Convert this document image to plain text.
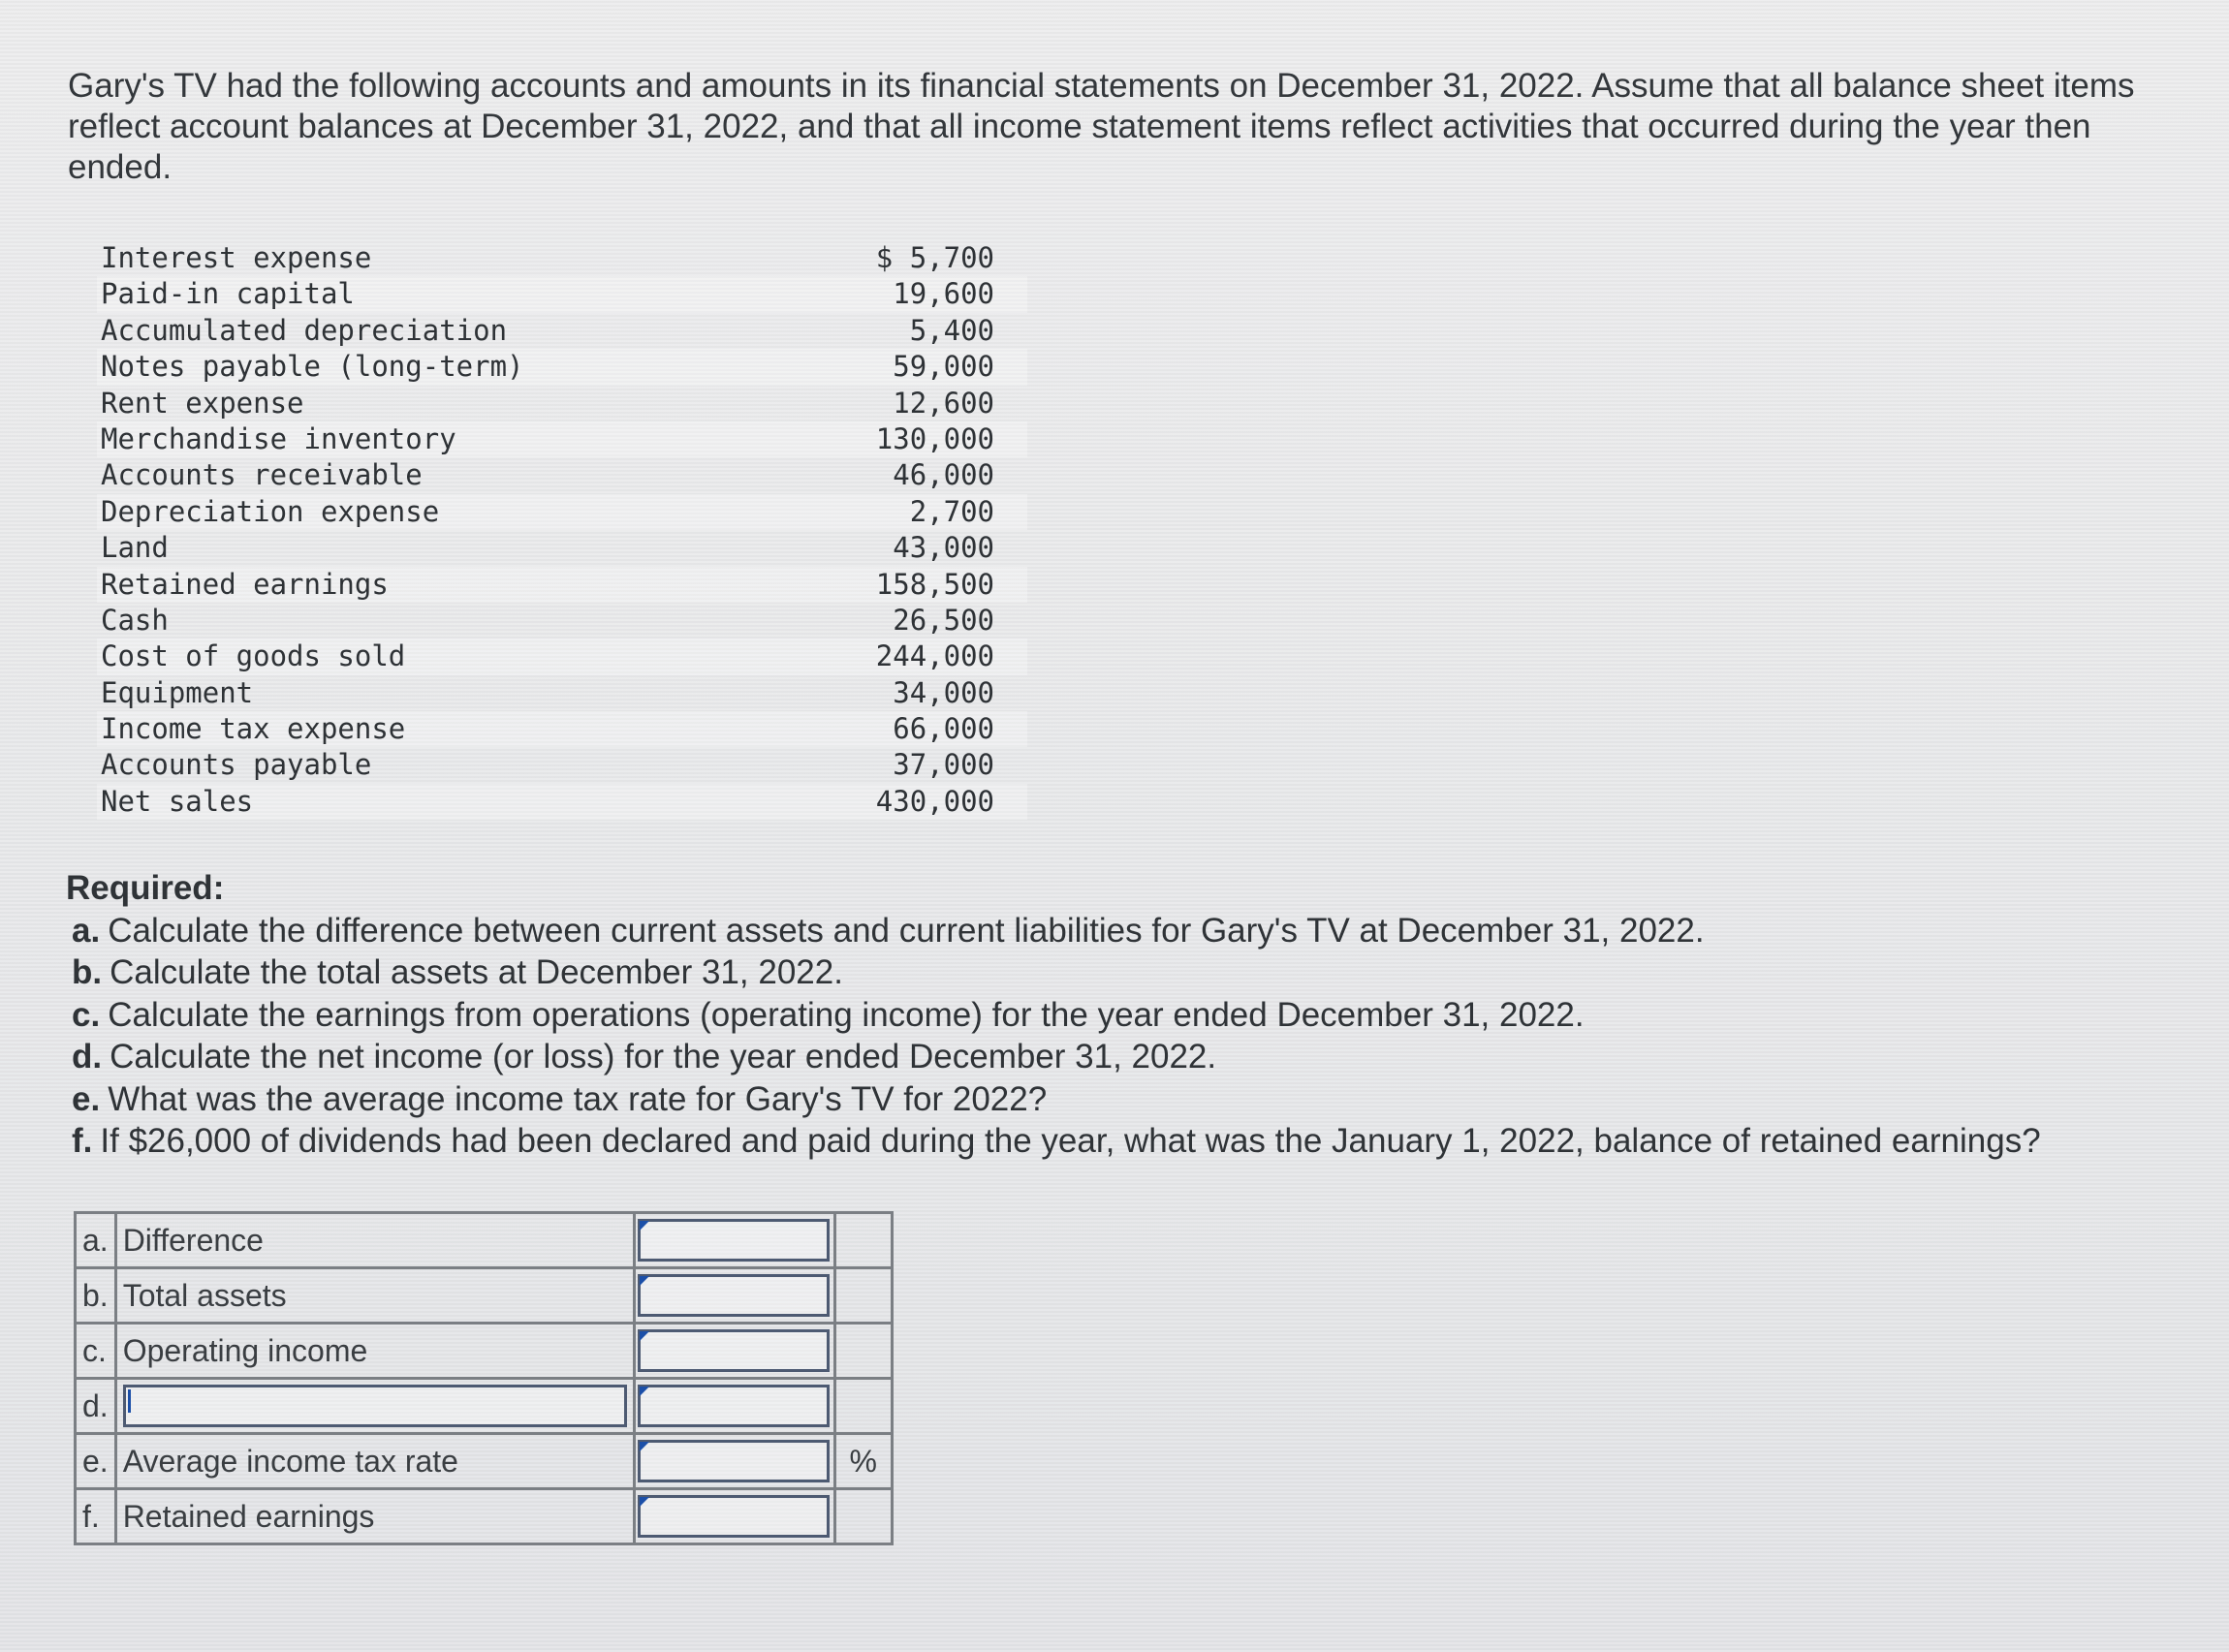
Gary's TV had the following accounts and amounts in its financial statements on December 31, 2022. Assume that all balance sheet items reflect account balances at December 31, 2022, and that all income statement items reflect activities that occurred during the year then ended.
Interest expense	$ 5,700
Paid-in capital	19,600
Accumulated depreciation	5,400
Notes payable (long-term)	59,000
Rent expense	12,600
Merchandise inventory	130,000
Accounts receivable	46,000
Depreciation expense	2,700
Land	43,000
Retained earnings	158,500
Cash	26,500
Cost of goods sold	244,000
Equipment	34,000
Income tax expense	66,000
Accounts payable	37,000
Net sales	430,000
Required:
a. Calculate the difference between current assets and current liabilities for Gary's TV at December 31, 2022.
b. Calculate the total assets at December 31, 2022.
c. Calculate the earnings from operations (operating income) for the year ended December 31, 2022.
d. Calculate the net income (or loss) for the year ended December 31, 2022.
e. What was the average income tax rate for Gary's TV for 2022?
f. If $26,000 of dividends had been declared and paid during the year, what was the January 1, 2022, balance of retained earnings?
a.	Difference	

b.	Total assets	

c.	Operating income	

d.	

e.	Average income tax rate		%
f.	Retained earnings	
